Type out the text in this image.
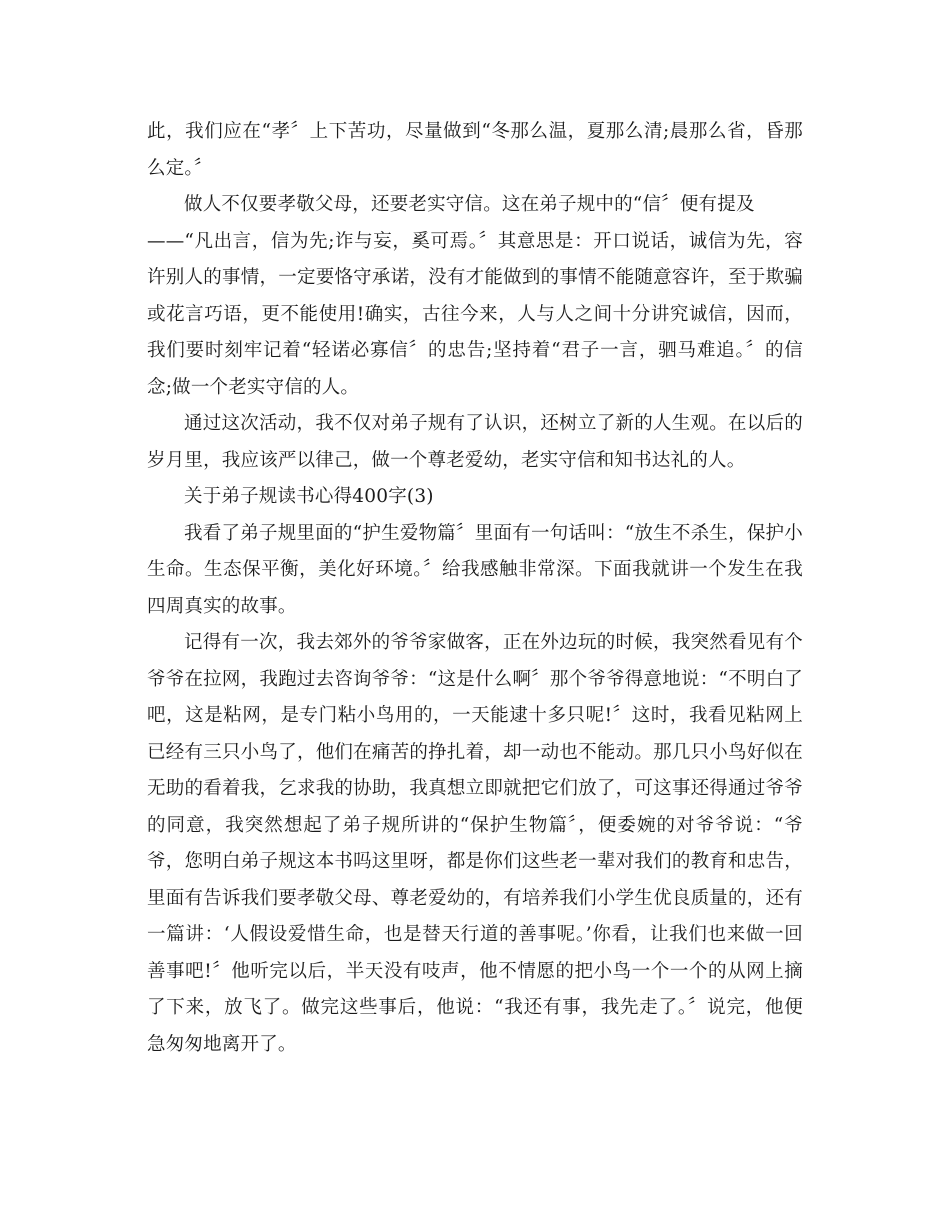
此，我们应在“孝〞上下苦功，尽量做到“冬那么温，夏那么清;晨那么省，昏那
么定。〞
做人不仅要孝敬父母，还要老实守信。这在弟子规中的“信〞便有提及
——“凡出言，信为先;诈与妄，奚可焉。〞其意思是：开口说话，诚信为先，容
许别人的事情，一定要恪守承诺，没有才能做到的事情不能随意容许，至于欺骗
或花言巧语，更不能使用!确实，古往今来，人与人之间十分讲究诚信，因而，
我们要时刻牢记着“轻诺必寡信〞的忠告;坚持着“君子一言，驷马难追。〞的信
念;做一个老实守信的人。
通过这次活动，我不仅对弟子规有了认识，还树立了新的人生观。在以后的
岁月里，我应该严以律己，做一个尊老爱幼，老实守信和知书达礼的人。
关于弟子规读书心得400字(3)
我看了弟子规里面的“护生爱物篇〞里面有一句话叫：“放生不杀生，保护小
生命。生态保平衡，美化好环境。〞给我感触非常深。下面我就讲一个发生在我
四周真实的故事。
记得有一次，我去郊外的爷爷家做客，正在外边玩的时候，我突然看见有个
爷爷在拉网，我跑过去咨询爷爷：“这是什么啊〞那个爷爷得意地说：“不明白了
吧，这是粘网，是专门粘小鸟用的，一天能逮十多只呢!〞这时，我看见粘网上
已经有三只小鸟了，他们在痛苦的挣扎着，却一动也不能动。那几只小鸟好似在
无助的看着我，乞求我的协助，我真想立即就把它们放了，可这事还得通过爷爷
的同意，我突然想起了弟子规所讲的“保护生物篇〞，便委婉的对爷爷说：“爷
爷，您明白弟子规这本书吗这里呀，都是你们这些老一辈对我们的教育和忠告，
里面有告诉我们要孝敬父母、尊老爱幼的，有培养我们小学生优良质量的，还有
一篇讲：‘人假设爱惜生命，也是替天行道的善事呢。’你看，让我们也来做一回
善事吧!〞他听完以后，半天没有吱声，他不情愿的把小鸟一个一个的从网上摘
了下来，放飞了。做完这些事后，他说：“我还有事，我先走了。〞说完，他便
急匆匆地离开了。
